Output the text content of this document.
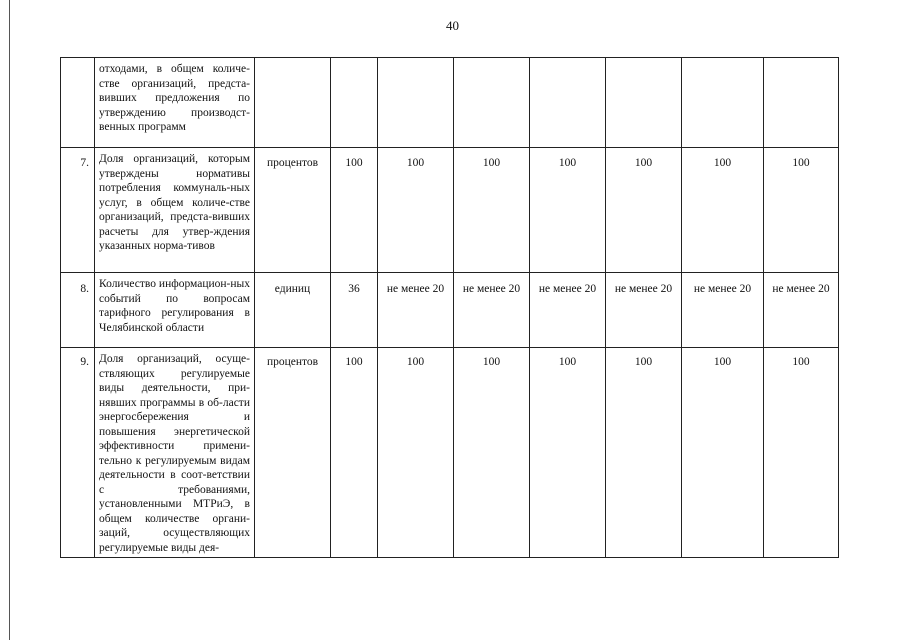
40
	отходами, в общем количе-стве организаций, предста-вивших предложения по утверждению производст-венных программ								
7.	Доля организаций, которым утверждены нормативы потребления коммуналь-ных услуг, в общем количе-стве организаций, предста-вивших расчеты для утвер-ждения указанных норма-тивов	процентов	100	100	100	100	100	100	100
8.	Количество информацион-ных событий по вопросам тарифного регулирования в Челябинской области	единиц	36	не менее 20	не менее 20	не менее 20	не менее 20	не менее 20	не менее 20
9.	Доля организаций, осуще-ствляющих регулируемые виды деятельности, при-нявших программы в об-ласти энергосбережения и повышения энергетической эффективности примени-тельно к регулируемым видам деятельности в соот-ветствии с требованиями, установленными МТРиЭ, в общем количестве органи-заций, осуществляющих регулируемые виды дея-	процентов	100	100	100	100	100	100	100
